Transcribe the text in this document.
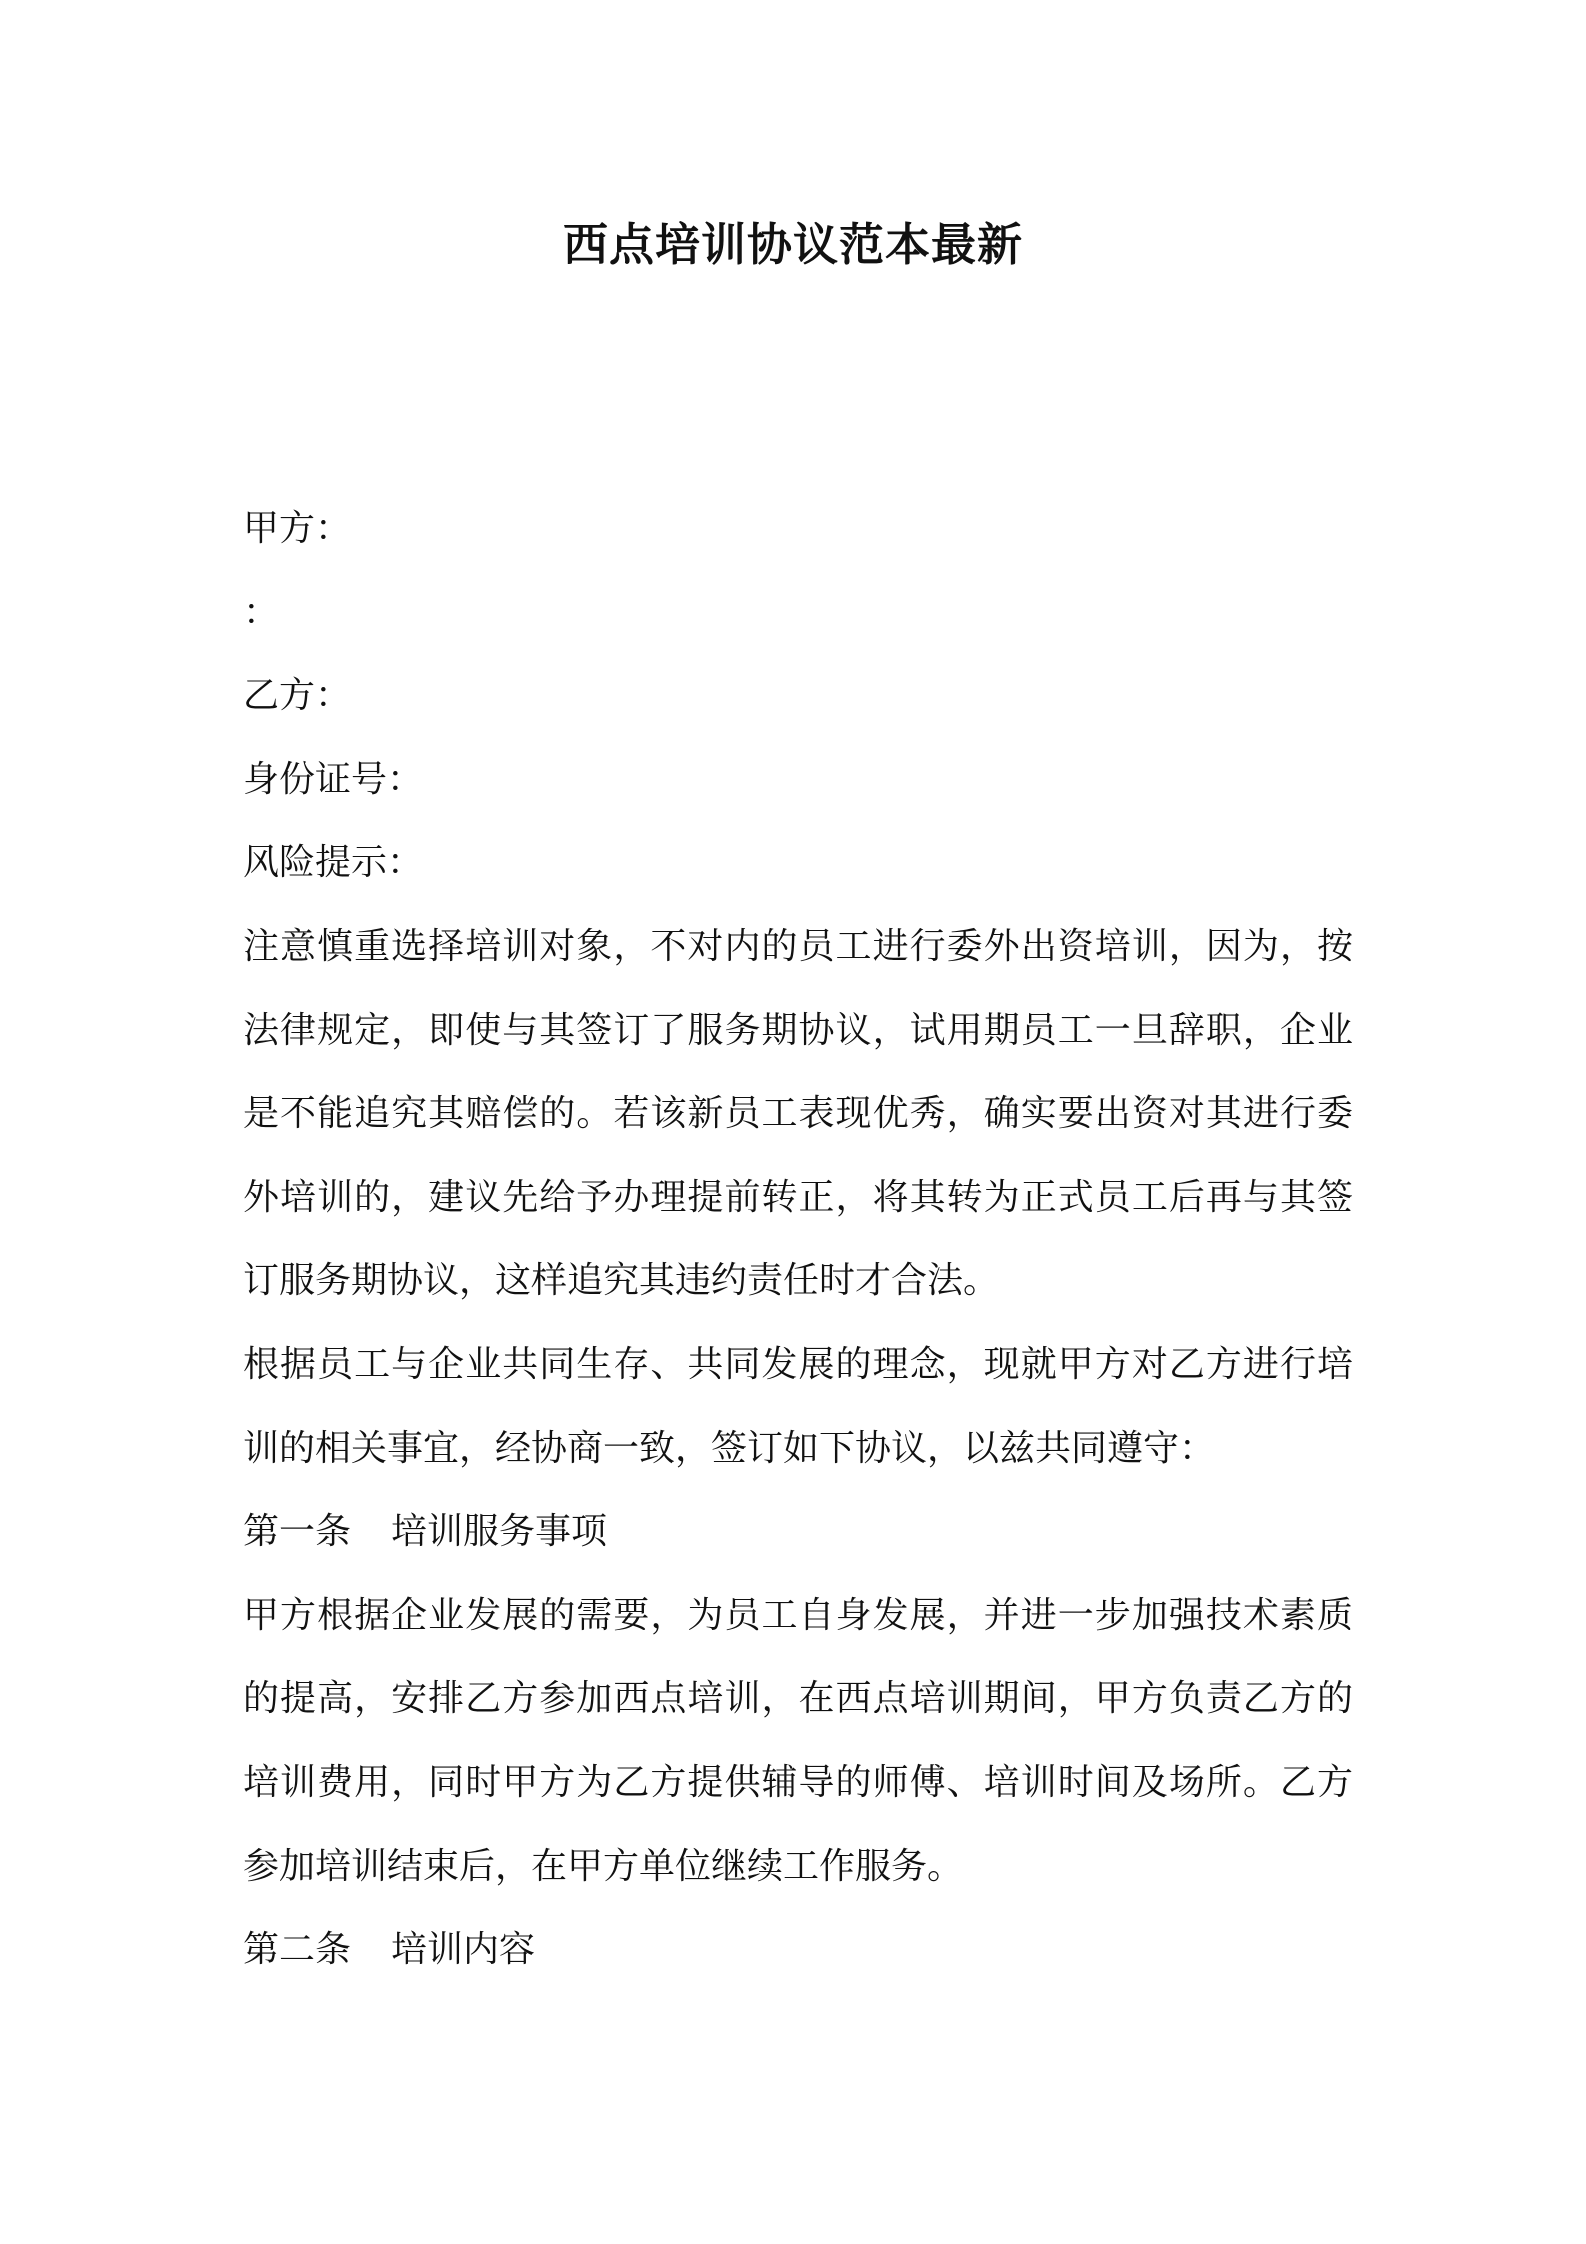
西点培训协议范本最新
甲方：
：
乙方：
身份证号：
风险提示：
注意慎重选择培训对象，不对内的员工进行委外出资培训，因为，按
法律规定，即使与其签订了服务期协议，试用期员工一旦辞职，企业
是不能追究其赔偿的。若该新员工表现优秀，确实要出资对其进行委
外培训的，建议先给予办理提前转正，将其转为正式员工后再与其签
订服务期协议，这样追究其违约责任时才合法。
根据员工与企业共同生存、共同发展的理念，现就甲方对乙方进行培
训的相关事宜，经协商一致，签订如下协议，以兹共同遵守：
第一条 培训服务事项
甲方根据企业发展的需要，为员工自身发展，并进一步加强技术素质
的提高，安排乙方参加西点培训，在西点培训期间，甲方负责乙方的
培训费用，同时甲方为乙方提供辅导的师傅、培训时间及场所。乙方
参加培训结束后，在甲方单位继续工作服务。
第二条 培训内容
